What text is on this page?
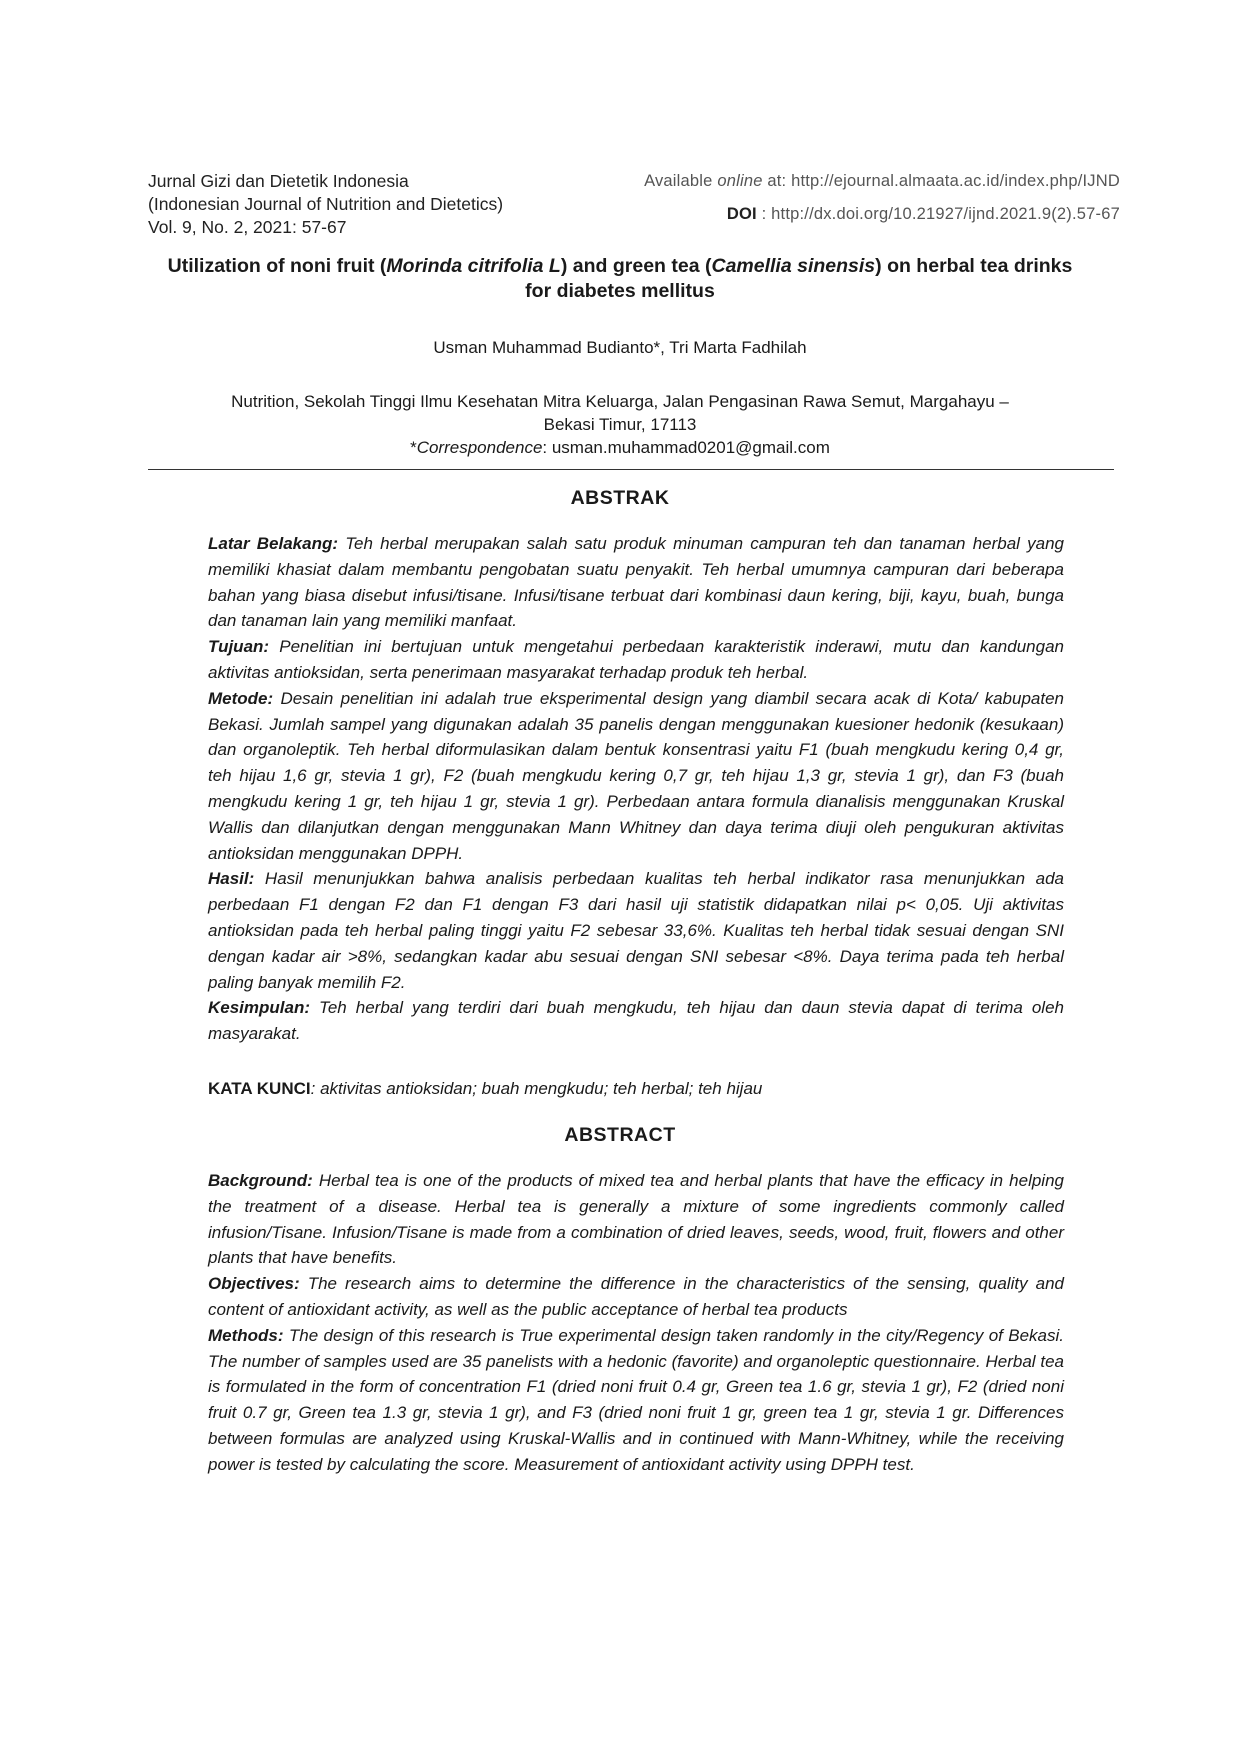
Jurnal Gizi dan Dietetik Indonesia
(Indonesian Journal of Nutrition and Dietetics)
Vol. 9, No. 2, 2021: 57-67
Available online at: http://ejournal.almaata.ac.id/index.php/IJND
DOI : http://dx.doi.org/10.21927/ijnd.2021.9(2).57-67
Utilization of noni fruit (Morinda citrifolia L) and green tea (Camellia sinensis) on herbal tea drinks
for diabetes mellitus
Usman Muhammad Budianto*, Tri Marta Fadhilah
Nutrition, Sekolah Tinggi Ilmu Kesehatan Mitra Keluarga, Jalan Pengasinan Rawa Semut, Margahayu –
Bekasi Timur, 17113
*Correspondence: usman.muhammad0201@gmail.com
ABSTRAK

Latar Belakang: Teh herbal merupakan salah satu produk minuman campuran teh dan tanaman herbal yang memiliki khasiat dalam membantu pengobatan suatu penyakit. Teh herbal umumnya campuran dari beberapa bahan yang biasa disebut infusi/tisane. Infusi/tisane terbuat dari kombinasi daun kering, biji, kayu, buah, bunga dan tanaman lain yang memiliki manfaat.

Tujuan: Penelitian ini bertujuan untuk mengetahui perbedaan karakteristik inderawi, mutu dan kandungan aktivitas antioksidan, serta penerimaan masyarakat terhadap produk teh herbal.

Metode: Desain penelitian ini adalah true eksperimental design yang diambil secara acak di Kota/ kabupaten Bekasi. Jumlah sampel yang digunakan adalah 35 panelis dengan menggunakan kuesioner hedonik (kesukaan) dan organoleptik. Teh herbal diformulasikan dalam bentuk konsentrasi yaitu F1 (buah mengkudu kering 0,4 gr, teh hijau 1,6 gr, stevia 1 gr), F2 (buah mengkudu kering 0,7 gr, teh hijau 1,3 gr, stevia 1 gr), dan F3 (buah mengkudu kering 1 gr, teh hijau 1 gr, stevia 1 gr). Perbedaan antara formula dianalisis menggunakan Kruskal Wallis dan dilanjutkan dengan menggunakan Mann Whitney dan daya terima diuji oleh pengukuran aktivitas antioksidan menggunakan DPPH.

Hasil: Hasil menunjukkan bahwa analisis perbedaan kualitas teh herbal indikator rasa menunjukkan ada perbedaan F1 dengan F2 dan F1 dengan F3 dari hasil uji statistik didapatkan nilai p< 0,05. Uji aktivitas antioksidan pada teh herbal paling tinggi yaitu F2 sebesar 33,6%. Kualitas teh herbal tidak sesuai dengan SNI dengan kadar air >8%, sedangkan kadar abu sesuai dengan SNI sebesar <8%. Daya terima pada teh herbal paling banyak memilih F2.

Kesimpulan: Teh herbal yang terdiri dari buah mengkudu, teh hijau dan daun stevia dapat di terima oleh masyarakat.

KATA KUNCI: aktivitas antioksidan; buah mengkudu; teh herbal; teh hijau
ABSTRACT

Background: Herbal tea is one of the products of mixed tea and herbal plants that have the efficacy in helping the treatment of a disease. Herbal tea is generally a mixture of some ingredients commonly called infusion/Tisane. Infusion/Tisane is made from a combination of dried leaves, seeds, wood, fruit, flowers and other plants that have benefits.

Objectives: The research aims to determine the difference in the characteristics of the sensing, quality and content of antioxidant activity, as well as the public acceptance of herbal tea products

Methods: The design of this research is True experimental design taken randomly in the city/Regency of Bekasi. The number of samples used are 35 panelists with a hedonic (favorite) and organoleptic questionnaire. Herbal tea is formulated in the form of concentration F1 (dried noni fruit 0.4 gr, Green tea 1.6 gr, stevia 1 gr), F2 (dried noni fruit 0.7 gr, Green tea 1.3 gr, stevia 1 gr), and F3 (dried noni fruit 1 gr, green tea 1 gr, stevia 1 gr. Differences between formulas are analyzed using Kruskal-Wallis and in continued with Mann-Whitney, while the receiving power is tested by calculating the score. Measurement of antioxidant activity using DPPH test.
